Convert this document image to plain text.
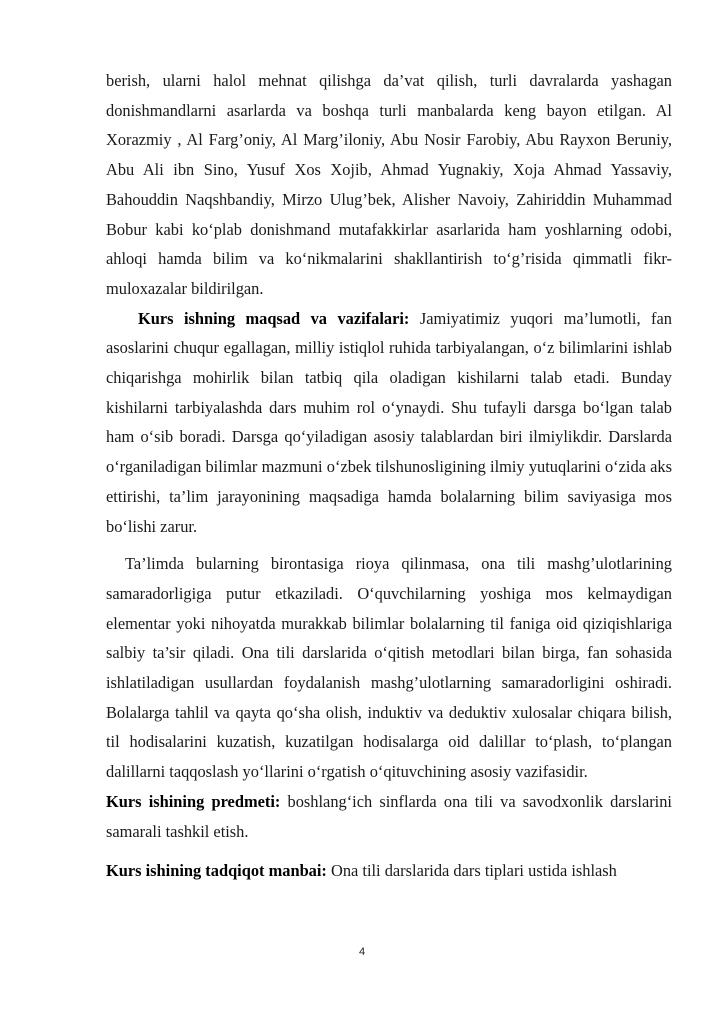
berish, ularni halol mehnat qilishga da’vat qilish, turli davralarda yashagan donishmandlarni asarlarda va boshqa turli manbalarda keng bayon etilgan. Al Xorazmiy , Al Farg’oniy, Al Marg’iloniy, Abu Nosir Farobiy, Abu Rayxon Beruniy, Abu Ali ibn Sino, Yusuf Xos Xojib, Ahmad Yugnakiy, Xoja Ahmad Yassaviy, Bahouddin Naqshbandiy, Mirzo Ulug’bek, Alisher Navoiy, Zahiriddin Muhammad Bobur kabi ko‘plab donishmand mutafakkirlar asarlarida ham yoshlarning odobi, ahloqi hamda bilim va ko‘nikmalarini shakllantirish to‘g’risida qimmatli fikr- muloxazalar bildirilgan.

Kurs ishning maqsad va vazifalari: Jamiyatimiz yuqori ma’lumotli, fan asoslarini chuqur egallagan, milliy istiqlol ruhida tarbiyalangan, o‘z bilimlarini ishlab chiqarishga mohirlik bilan tatbiq qila oladigan kishilarni talab etadi. Bunday kishilarni tarbiyalashda dars muhim rol o‘ynaydi. Shu tufayli darsga bo‘lgan talab ham o‘sib boradi. Darsga qo‘yiladigan asosiy talablardan biri ilmiylikdir. Darslarda o‘rganiladigan bilimlar mazmuni o‘zbek tilshunosligining ilmiy yutuqlarini o‘zida aks ettirishi, ta’lim jarayonining maqsadiga hamda bolalarning bilim saviyasiga mos bo‘lishi zarur.

Ta’limda bularning birontasiga rioya qilinmasa, ona tili mashg’ulotlarining samaradorligiga putur etkaziladi. O‘quvchilarning yoshiga mos kelmaydigan elementar yoki nihoyatda murakkab bilimlar bolalarning til faniga oid qiziqishlariga salbiy ta’sir qiladi. Ona tili darslarida o‘qitish metodlari bilan birga, fan sohasida ishlatiladigan usullardan foydalanish mashg’ulotlarning samaradorligini oshiradi. Bolalarga tahlil va qayta qo‘sha olish, induktiv va deduktiv xulosalar chiqara bilish, til hodisalarini kuzatish, kuzatilgan hodisalarga oid dalillar to‘plash, to‘plangan dalillarni taqqoslash yo‘llarini o‘rgatish o‘qituvchining asosiy vazifasidir.

Kurs ishining predmeti: boshlang‘ich sinflarda ona tili va savodxonlik darslarini samarali tashkil etish.

Kurs ishining tadqiqot manbai: Ona tili darslarida dars tiplari ustida ishlash

4
